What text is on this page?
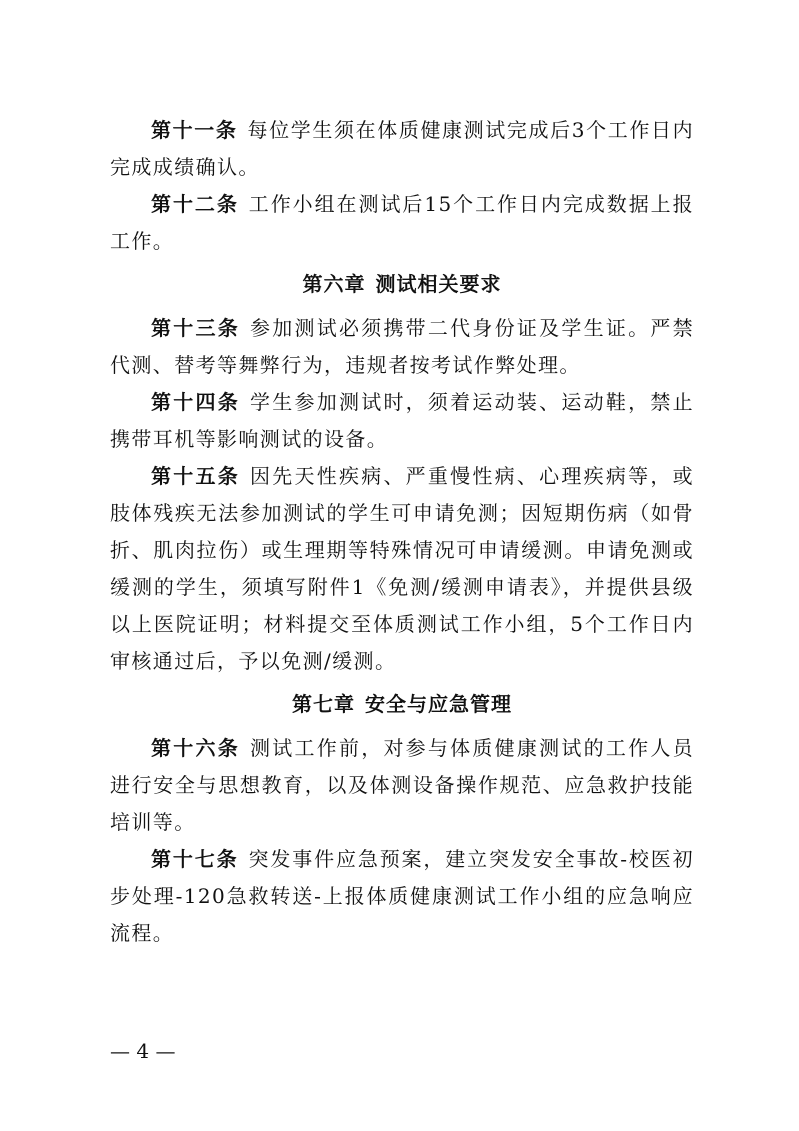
第十一条 每位学生须在体质健康测试完成后3个工作日内完成成绩确认。

第十二条 工作小组在测试后15个工作日内完成数据上报工作。

第六章 测试相关要求

第十三条 参加测试必须携带二代身份证及学生证。严禁代测、替考等舞弊行为，违规者按考试作弊处理。

第十四条 学生参加测试时，须着运动装、运动鞋，禁止携带耳机等影响测试的设备。

第十五条 因先天性疾病、严重慢性病、心理疾病等，或肢体残疾无法参加测试的学生可申请免测；因短期伤病（如骨折、肌肉拉伤）或生理期等特殊情况可申请缓测。申请免测或缓测的学生，须填写附件1《免测/缓测申请表》，并提供县级以上医院证明；材料提交至体质测试工作小组，5个工作日内审核通过后，予以免测/缓测。

第七章 安全与应急管理

第十六条 测试工作前，对参与体质健康测试的工作人员进行安全与思想教育，以及体测设备操作规范、应急救护技能培训等。

第十七条 突发事件应急预案，建立突发安全事故-校医初步处理-120急救转送-上报体质健康测试工作小组的应急响应流程。

— 4 —
